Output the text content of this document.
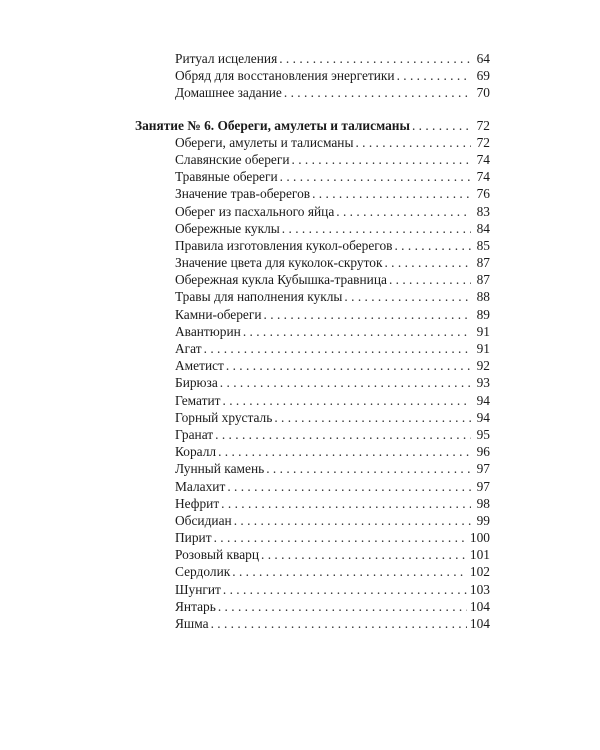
Ритуал исцеления . . .	64
Обряд для восстановления энергетики . . .	69
Домашнее задание . . .	70
Занятие № 6. Обереги, амулеты и талисманы . . .	72
Обереги, амулеты и талисманы . . .	72
Славянские обереги . . .	74
Травяные обереги . . .	74
Значение трав-оберегов . . .	76
Оберег из пасхального яйца . . .	83
Обережные куклы . . .	84
Правила изготовления кукол-оберегов . . .	85
Значение цвета для куколок-скруток . . .	87
Обережная кукла Кубышка-травница . . .	87
Травы для наполнения куклы . . .	88
Камни-обереги . . .	89
Авантюрин . . .	91
Агат . . .	91
Аметист . . .	92
Бирюза . . .	93
Гематит . . .	94
Горный хрусталь . . .	94
Гранат . . .	95
Коралл . . .	96
Лунный камень . . .	97
Малахит . . .	97
Нефрит . . .	98
Обсидиан . . .	99
Пирит . . .	100
Розовый кварц . . .	101
Сердолик . . .	102
Шунгит . . .	103
Янтарь . . .	104
Яшма . . .	104
